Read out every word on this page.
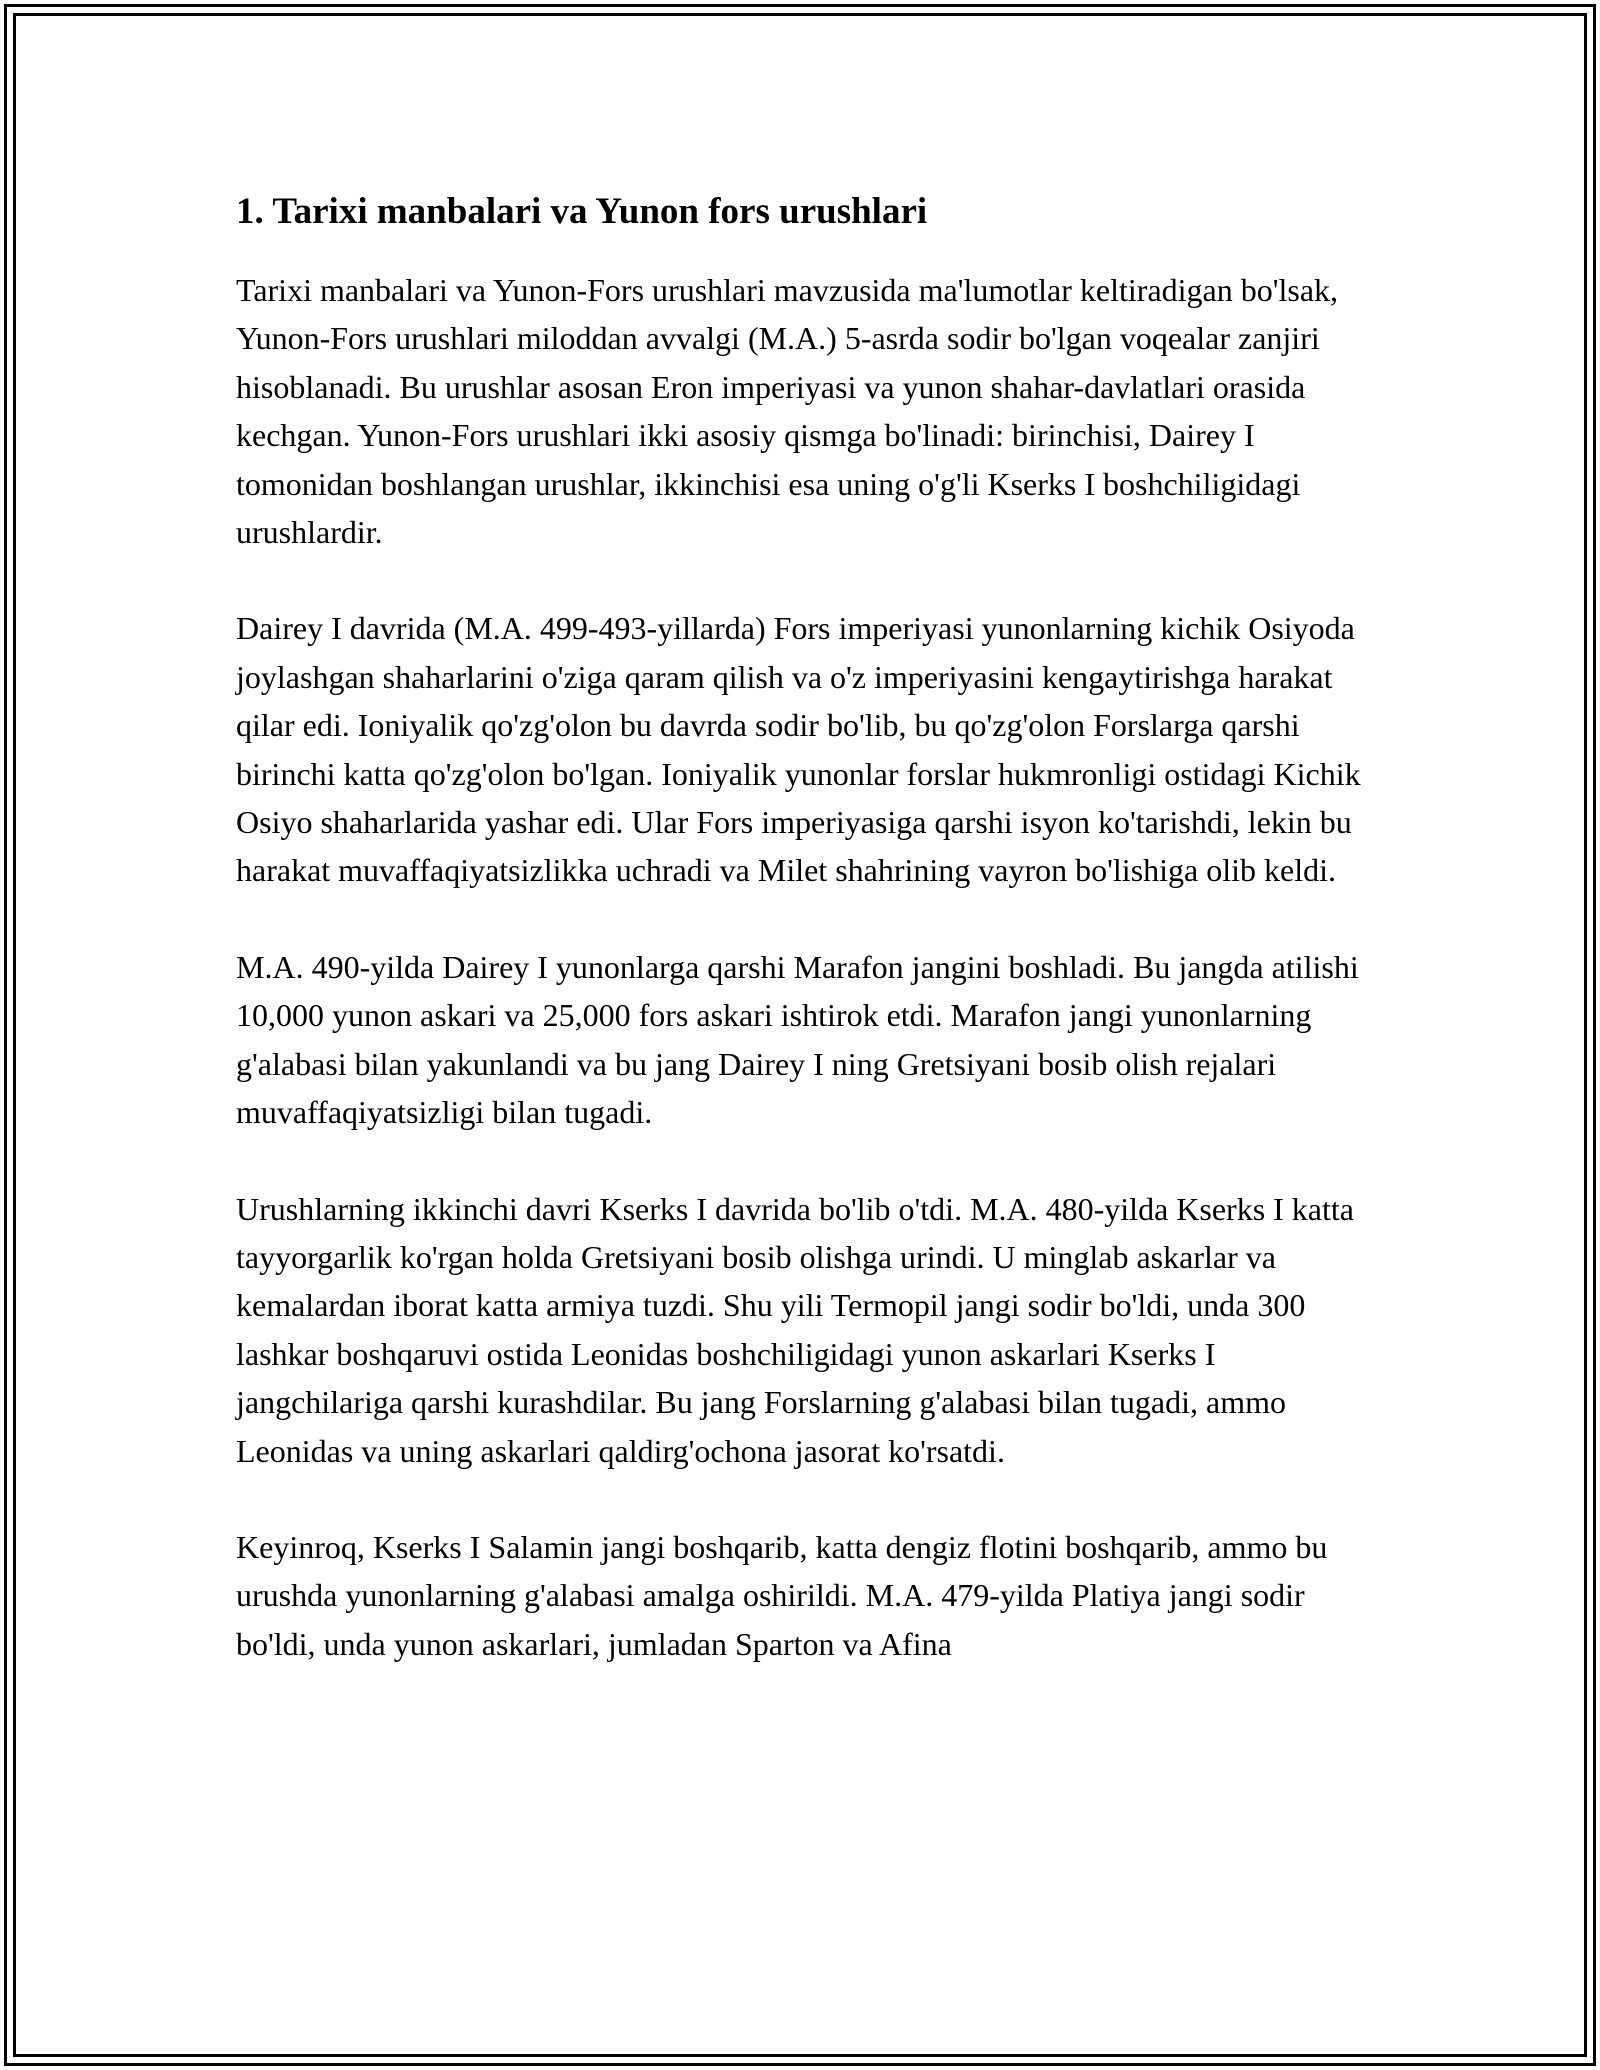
1. Tarixi manbalari va Yunon fors urushlari

Tarixi manbalari va Yunon-Fors urushlari mavzusida ma'lumotlar keltiradigan bo'lsak, Yunon-Fors urushlari miloddan avvalgi (M.A.) 5-asrda sodir bo'lgan voqealar zanjiri hisoblanadi. Bu urushlar asosan Eron imperiyasi va yunon shahar-davlatlari orasida kechgan. Yunon-Fors urushlari ikki asosiy qismga bo'linadi: birinchisi, Dairey I tomonidan boshlangan urushlar, ikkinchisi esa uning o'g'li Kserks I boshchiligidagi urushlardir.

Dairey I davrida (M.A. 499-493-yillarda) Fors imperiyasi yunonlarning kichik Osiyoda joylashgan shaharlarini o'ziga qaram qilish va o'z imperiyasini kengaytirishga harakat qilar edi. Ioniyalik qo'zg'olon bu davrda sodir bo'lib, bu qo'zg'olon Forslarga qarshi birinchi katta qo'zg'olon bo'lgan. Ioniyalik yunonlar forslar hukmronligi ostidagi Kichik Osiyo shaharlarida yashar edi. Ular Fors imperiyasiga qarshi isyon ko'tarishdi, lekin bu harakat muvaffaqiyatsizlikka uchradi va Milet shahrining vayron bo'lishiga olib keldi.

M.A. 490-yilda Dairey I yunonlarga qarshi Marafon jangini boshladi. Bu jangda atilishi 10,000 yunon askari va 25,000 fors askari ishtirok etdi. Marafon jangi yunonlarning g'alabasi bilan yakunlandi va bu jang Dairey I ning Gretsiyani bosib olish rejalari muvaffaqiyatsizligi bilan tugadi.

Urushlarning ikkinchi davri Kserks I davrida bo'lib o'tdi. M.A. 480-yilda Kserks I katta tayyorgarlik ko'rgan holda Gretsiyani bosib olishga urindi. U minglab askarlar va kemalardan iborat katta armiya tuzdi. Shu yili Termopil jangi sodir bo'ldi, unda 300 lashkar boshqaruvi ostida Leonidas boshchiligidagi yunon askarlari Kserks I jangchilariga qarshi kurashdilar. Bu jang Forslarning g'alabasi bilan tugadi, ammo Leonidas va uning askarlari qaldirg'ochona jasorat ko'rsatdi.

Keyinroq, Kserks I Salamin jangi boshqarib, katta dengiz flotini boshqarib, ammo bu urushda yunonlarning g'alabasi amalga oshirildi. M.A. 479-yilda Platiya jangi sodir bo'ldi, unda yunon askarlari, jumladan Sparton va Afina
